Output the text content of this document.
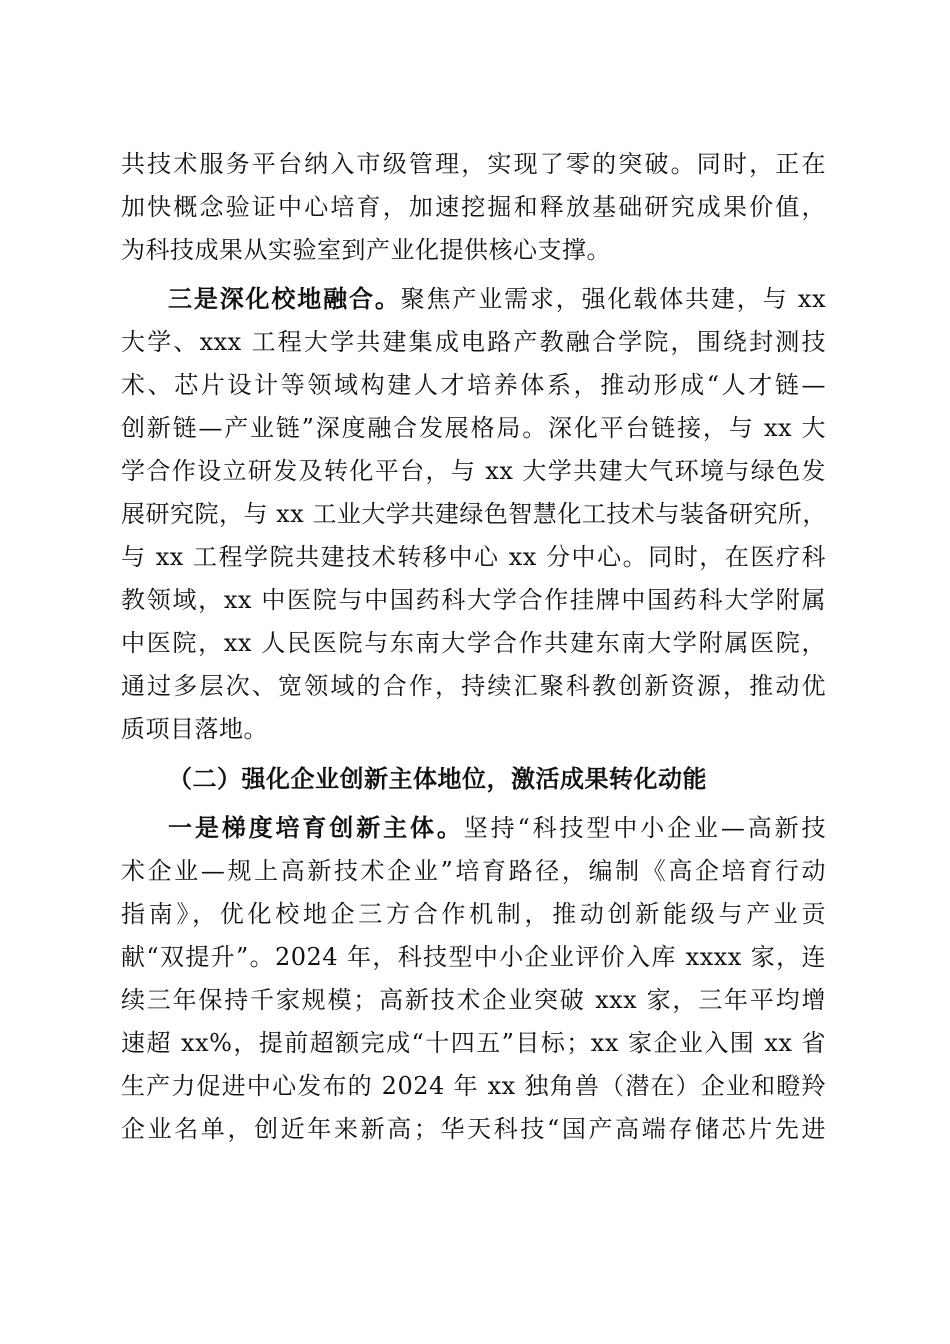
共技术服务平台纳入市级管理，实现了零的突破。同时，正在
加快概念验证中心培育，加速挖掘和释放基础研究成果价值，
为科技成果从实验室到产业化提供核心支撑。
三是深化校地融合。聚焦产业需求，强化载体共建，与 xx
大学、xxx 工程大学共建集成电路产教融合学院，围绕封测技
术、芯片设计等领域构建人才培养体系，推动形成“人才链—
创新链—产业链”深度融合发展格局。深化平台链接，与 xx 大
学合作设立研发及转化平台，与 xx 大学共建大气环境与绿色发
展研究院，与 xx 工业大学共建绿色智慧化工技术与装备研究所，
与 xx 工程学院共建技术转移中心 xx 分中心。同时，在医疗科
教领域，xx 中医院与中国药科大学合作挂牌中国药科大学附属
中医院，xx 人民医院与东南大学合作共建东南大学附属医院，
通过多层次、宽领域的合作，持续汇聚科教创新资源，推动优
质项目落地。
（二）强化企业创新主体地位，激活成果转化动能
一是梯度培育创新主体。坚持“科技型中小企业—高新技
术企业—规上高新技术企业”培育路径，编制《高企培育行动
指南》，优化校地企三方合作机制，推动创新能级与产业贡
献“双提升”。2024 年，科技型中小企业评价入库 xxxx 家，连
续三年保持千家规模；高新技术企业突破 xxx 家，三年平均增
速超 xx%，提前超额完成“十四五”目标；xx 家企业入围 xx 省
生产力促进中心发布的 2024 年 xx 独角兽（潜在）企业和瞪羚
企业名单，创近年来新高；华天科技“国产高端存储芯片先进
